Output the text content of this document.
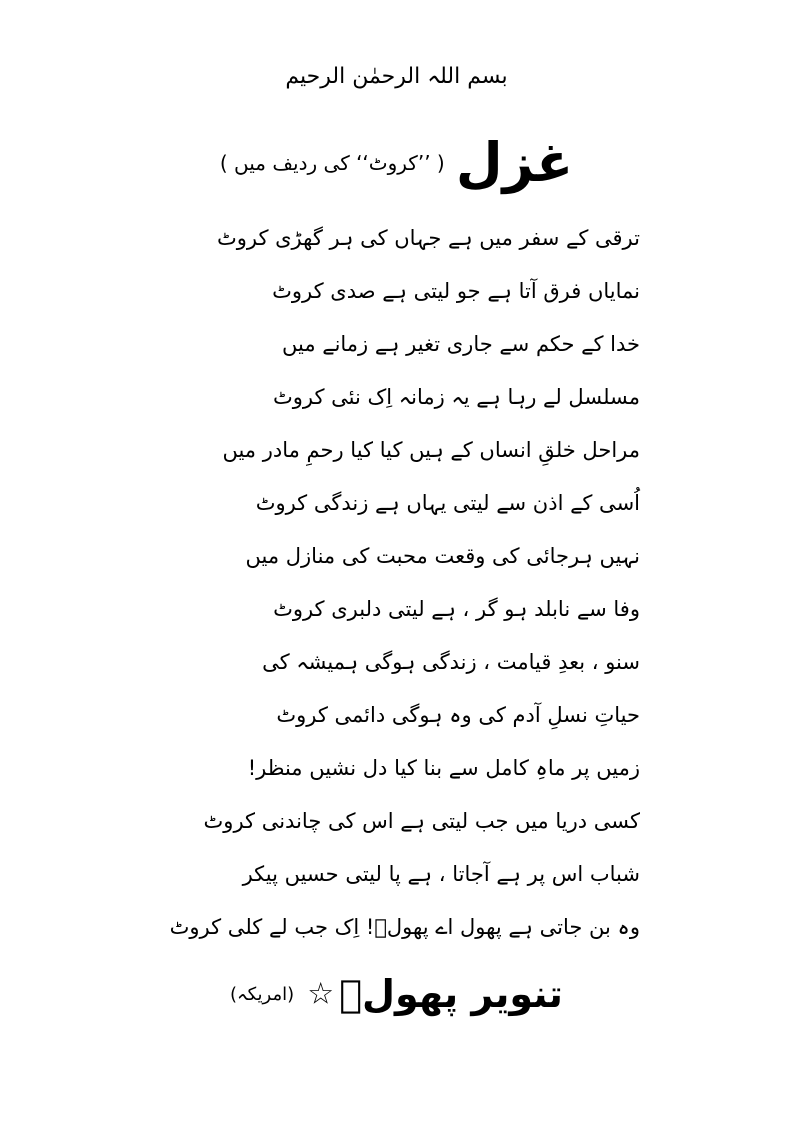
بسم اللہ الرحمٰن الرحیم
غزل ( ’’کروٹ‘‘ کی ردیف میں )
ترقی کے سفر میں ہے جہاں کی ہر گھڑی کروٹ
نمایاں فرق آتا ہے جو لیتی ہے صدی کروٹ
خدا کے حکم سے جاری تغیر ہے زمانے میں
مسلسل لے رہا ہے یہ زمانہ اِک نئی کروٹ
مراحل خلقِ انساں کے ہیں کیا کیا رحمِ مادر میں
اُسی کے اذن سے لیتی یہاں ہے زندگی کروٹ
نہیں ہرجائی کی وقعت محبت کی منازل میں
وفا سے نابلد ہو گر ، ہے لیتی دلبری کروٹ
سنو ، بعدِ قیامت ، زندگی ہوگی ہمیشہ کی
حیاتِ نسلِ آدم کی وہ ہوگی دائمی کروٹ
زمیں پر ماہِ کامل سے بنا کیا دل نشیں منظر!
کسی دریا میں جب لیتی ہے اس کی چاندنی کروٹ
شباب اس پر ہے آجاتا ، ہے پا لیتی حسیں پیکر
وہ بن جاتی ہے پھول اے پھولؔ! اِک جب لے کلی کروٹ
تنویر پھولؔ ☆ (امریکہ)
